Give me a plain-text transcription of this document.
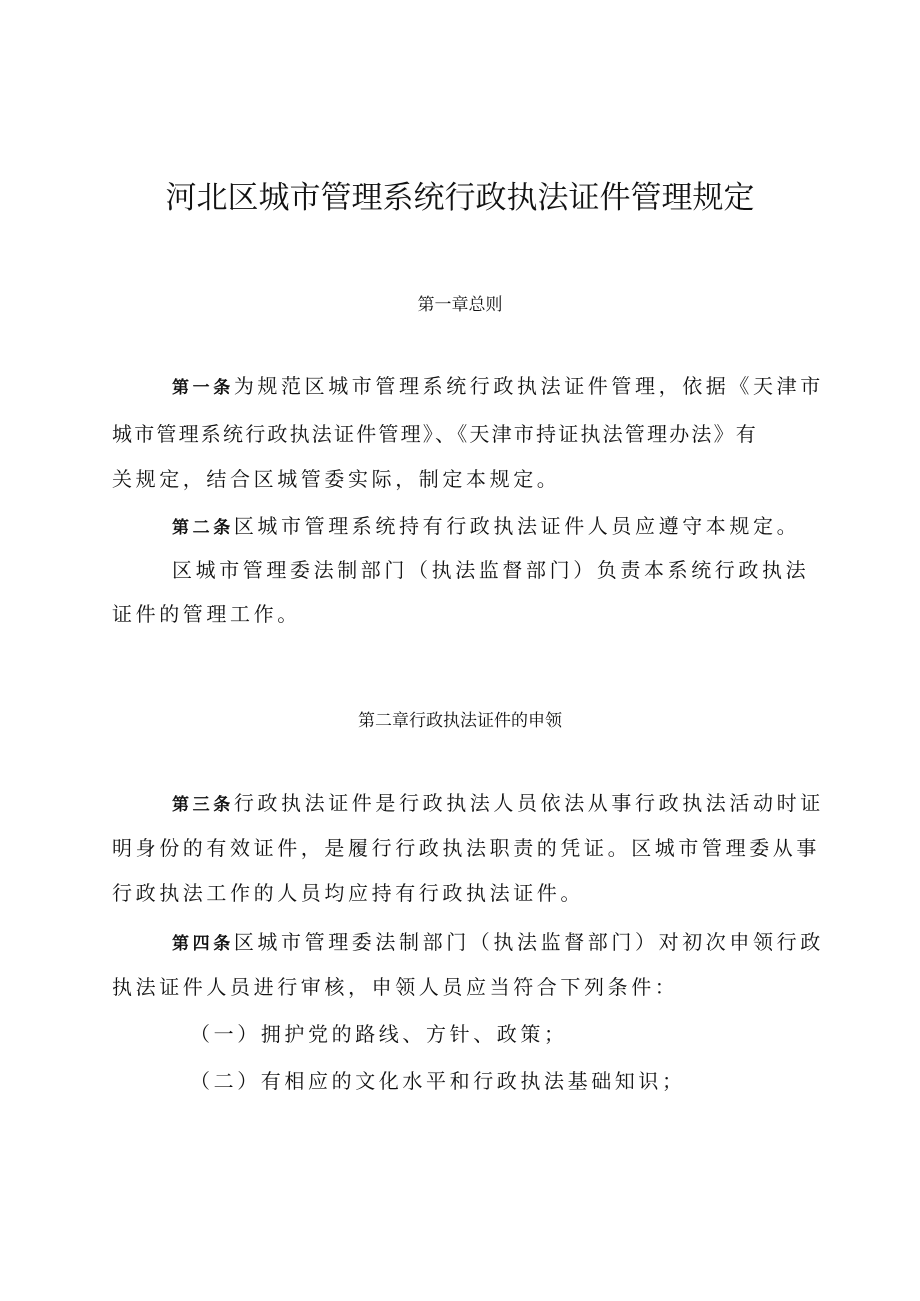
河北区城市管理系统行政执法证件管理规定
第一章总则

第一条为规范区城市管理系统行政执法证件管理，依据《天津市

城市管理系统行政执法证件管理》、《天津市持证执法管理办法》有

关规定，结合区城管委实际，制定本规定。

第二条区城市管理系统持有行政执法证件人员应遵守本规定。

区城市管理委法制部门（执法监督部门）负责本系统行政执法

证件的管理工作。

第二章行政执法证件的申领

第三条行政执法证件是行政执法人员依法从事行政执法活动时证

明身份的有效证件，是履行行政执法职责的凭证。区城市管理委从事

行政执法工作的人员均应持有行政执法证件。

第四条区城市管理委法制部门（执法监督部门）对初次申领行政

执法证件人员进行审核，申领人员应当符合下列条件：

（一）拥护党的路线、方针、政策；

（二）有相应的文化水平和行政执法基础知识；
